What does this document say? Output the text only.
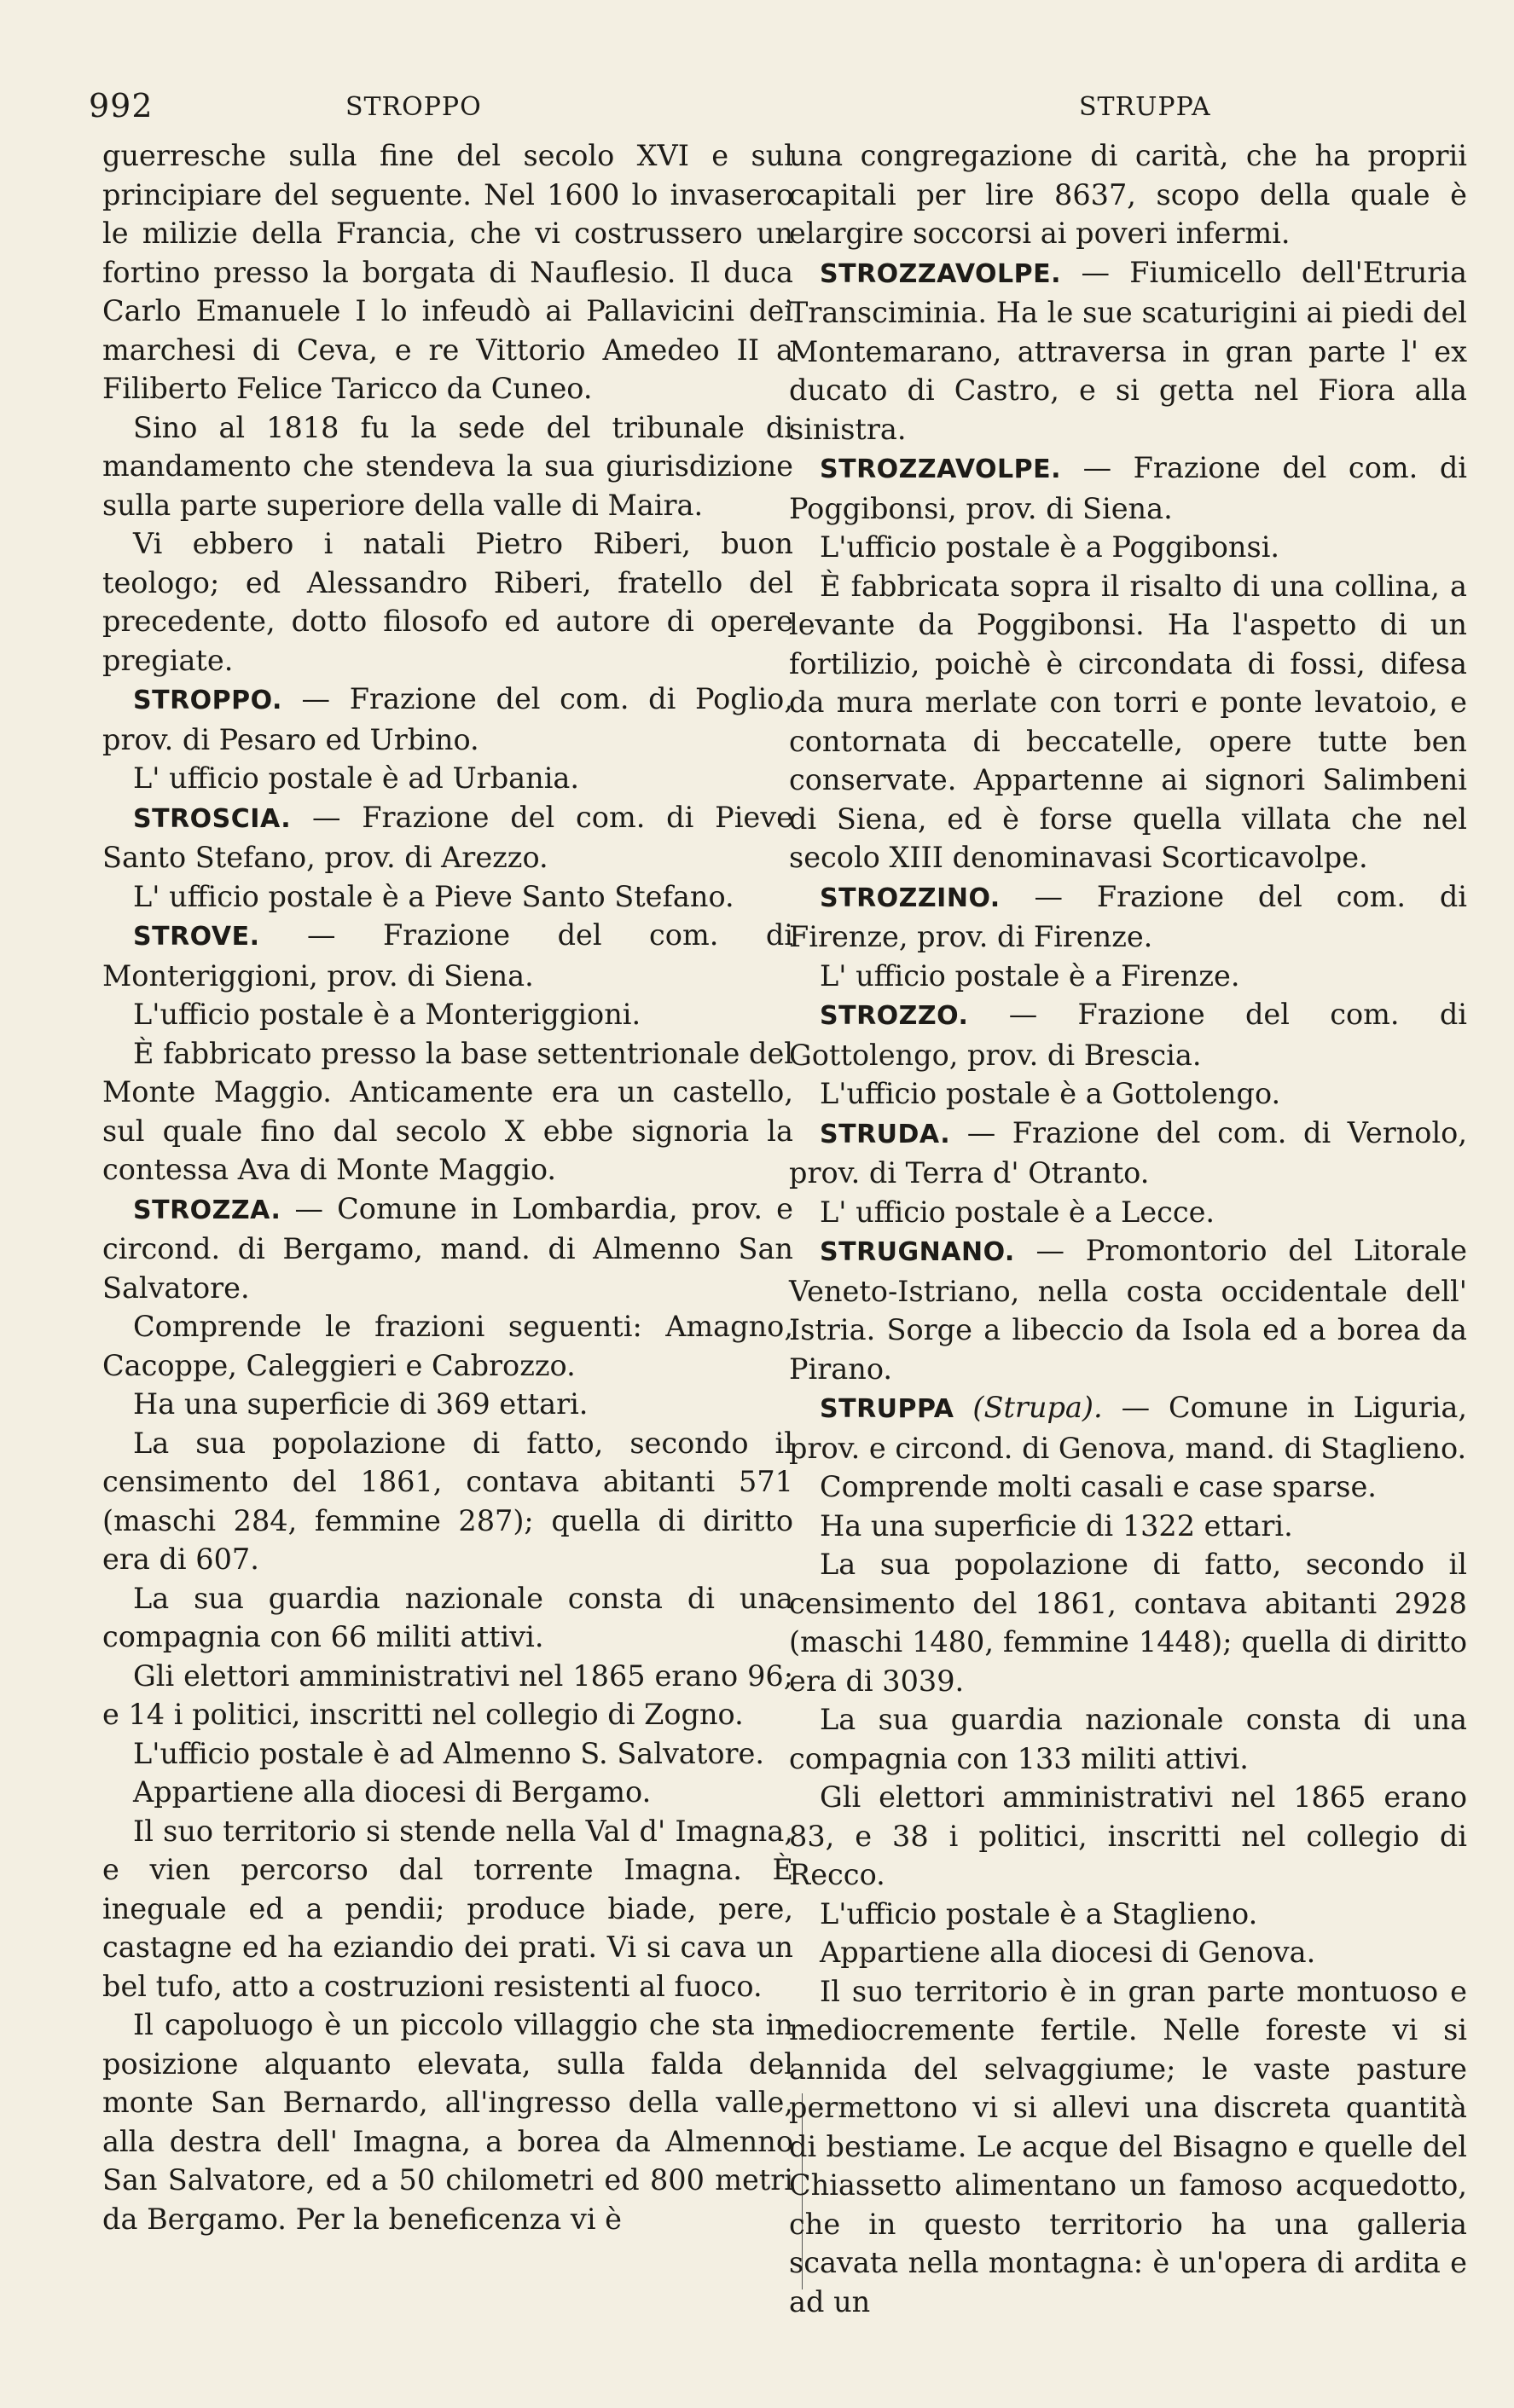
992	STROPPO	STRUPPA

guerresche sulla fine del secolo XVI e sul principiare del seguente. Nel 1600 lo invasero le milizie della Francia, che vi costrussero un fortino presso la borgata di Nauflesio. Il duca Carlo Emanuele I lo infeudò ai Pallavicini dei marchesi di Ceva, e re Vittorio Amedeo II a Filiberto Felice Taricco da Cuneo.

Sino al 1818 fu la sede del tribunale di mandamento che stendeva la sua giurisdizione sulla parte superiore della valle di Maira.

Vi ebbero i natali Pietro Riberi, buon teologo; ed Alessandro Riberi, fratello del precedente, dotto filosofo ed autore di opere pregiate.

STROPPO. — Frazione del com. di Poglio, prov. di Pesaro ed Urbino.

L' ufficio postale è ad Urbania.

STROSCIA. — Frazione del com. di Pieve Santo Stefano, prov. di Arezzo.

L' ufficio postale è a Pieve Santo Stefano.

STROVE. — Frazione del com. di Monteriggioni, prov. di Siena.

L'ufficio postale è a Monteriggioni.

È fabbricato presso la base settentrionale del Monte Maggio. Anticamente era un castello, sul quale fino dal secolo X ebbe signoria la contessa Ava di Monte Maggio.

STROZZA. — Comune in Lombardia, prov. e circond. di Bergamo, mand. di Almenno San Salvatore.

Comprende le frazioni seguenti: Amagno, Cacoppe, Caleggieri e Cabrozzo.

Ha una superficie di 369 ettari.

La sua popolazione di fatto, secondo il censimento del 1861, contava abitanti 571 (maschi 284, femmine 287); quella di diritto era di 607.

La sua guardia nazionale consta di una compagnia con 66 militi attivi.

Gli elettori amministrativi nel 1865 erano 96; e 14 i politici, inscritti nel collegio di Zogno.

L'ufficio postale è ad Almenno S. Salvatore.

Appartiene alla diocesi di Bergamo.

Il suo territorio si stende nella Val d' Imagna, e vien percorso dal torrente Imagna. È ineguale ed a pendii; produce biade, pere, castagne ed ha eziandio dei prati. Vi si cava un bel tufo, atto a costruzioni resistenti al fuoco.

Il capoluogo è un piccolo villaggio che sta in posizione alquanto elevata, sulla falda del monte San Bernardo, all'ingresso della valle, alla destra dell' Imagna, a borea da Almenno San Salvatore, ed a 50 chilometri ed 800 metri da Bergamo. Per la beneficenza vi è

una congregazione di carità, che ha proprii capitali per lire 8637, scopo della quale è elargire soccorsi ai poveri infermi.

STROZZAVOLPE. — Fiumicello dell'Etruria Transciminia. Ha le sue scaturigini ai piedi del Montemarano, attraversa in gran parte l' ex ducato di Castro, e si getta nel Fiora alla sinistra.

STROZZAVOLPE. — Frazione del com. di Poggibonsi, prov. di Siena.

L'ufficio postale è a Poggibonsi.

È fabbricata sopra il risalto di una collina, a levante da Poggibonsi. Ha l'aspetto di un fortilizio, poichè è circondata di fossi, difesa da mura merlate con torri e ponte levatoio, e contornata di beccatelle, opere tutte ben conservate. Appartenne ai signori Salimbeni di Siena, ed è forse quella villata che nel secolo XIII denominavasi Scorticavolpe.

STROZZINO. — Frazione del com. di Firenze, prov. di Firenze.

L' ufficio postale è a Firenze.

STROZZO. — Frazione del com. di Gottolengo, prov. di Brescia.

L'ufficio postale è a Gottolengo.

STRUDA. — Frazione del com. di Vernolo, prov. di Terra d' Otranto.

L' ufficio postale è a Lecce.

STRUGNANO. — Promontorio del Litorale Veneto-Istriano, nella costa occidentale dell' Istria. Sorge a libeccio da Isola ed a borea da Pirano.

STRUPPA (Strupa). — Comune in Liguria, prov. e circond. di Genova, mand. di Staglieno.

Comprende molti casali e case sparse.

Ha una superficie di 1322 ettari.

La sua popolazione di fatto, secondo il censimento del 1861, contava abitanti 2928 (maschi 1480, femmine 1448); quella di diritto era di 3039.

La sua guardia nazionale consta di una compagnia con 133 militi attivi.

Gli elettori amministrativi nel 1865 erano 83, e 38 i politici, inscritti nel collegio di Recco.

L'ufficio postale è a Staglieno.

Appartiene alla diocesi di Genova.

Il suo territorio è in gran parte montuoso e mediocremente fertile. Nelle foreste vi si annida del selvaggiume; le vaste pasture permettono vi si allevi una discreta quantità di bestiame. Le acque del Bisagno e quelle del Chiassetto alimentano un famoso acquedotto, che in questo territorio ha una galleria scavata nella montagna: è un'opera di ardita e ad un
